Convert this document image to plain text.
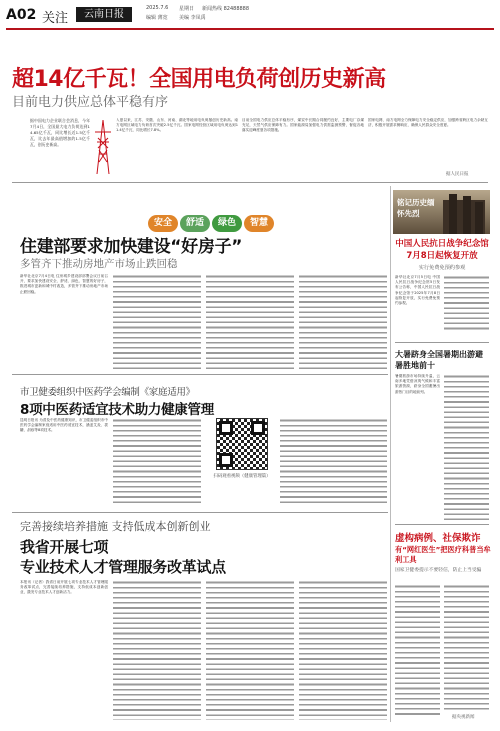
A02 关注	云南日报
2025.7.6 星期日 新闻热线 82488888
编辑 薄宽 美编 李凤禹
超14亿千瓦！全国用电负荷创历史新高
目前电力供应总体平稳有序
据中国电力企业联合会消息，今年7月4日，全国最大电力负荷达到14.65亿千瓦，同比增长近1.5亿千瓦，比去年最高值增加约1.5亿千瓦，创历史新高。
入夏以来，江苏、安徽、山东、河南、湖北等地用电负荷屡创历史新高。南方电网区域电力负荷首次突破2.5亿千瓦。国家电网经营区域用电负荷达到11.4亿千瓦，同比增长7.8%。
目前全国电力供应总体平稳有序，煤炭中长期合同履约良好，主要电厂存煤充足，天然气供应保障有力。国家能源局加强电力供需监测预警，督促各地落实迎峰度夏各项措施。
国家电网、南方电网全力保障电力安全稳定供应，加强跨省跨区电力余缺互济，积极开展需求侧响应，确保人民群众安全度夏。
据人民日报
安全	舒适	绿色	智慧
住建部要求加快建设“好房子”
多管齐下推动房地产市场止跌回稳
新华社北京7月4日电 住房城乡建设部部署会议日前召开，要求加快建设安全、舒适、绿色、智慧的好房子，推进城市更新和城中村改造，多管齐下推动房地产市场止跌回稳。
铭记历史缅怀先烈
中国人民抗日战争纪念馆7月8日起恢复开放
实行免费免预约参观
新华社北京7月5日电 中国人民抗日战争纪念馆5日发布公告称，中国人民抗日战争纪念馆于2025年7月8日起恢复开放，实行免费免预约参观。
大暑跻身全国暑期出游避暑胜地前十
暑期旅游市场持续升温，云南多地凭借凉爽气候和丰富旅游资源，跻身全国避暑出游热门目的地前列。
市卫健委组织中医药学会编制《家庭适用》
8项中医药适宜技术助力健康管理
昆明日报讯 为普及中医药健康知识，市卫健委组织市中医药学会编制家庭适用中医药适宜技术，涵盖艾灸、拔罐、刮痧等8项技术。
扫码观看视频（健康管理篇）
完善接续培养措施 支持低成本创新创业
我省开展七项
专业技术人才管理服务改革试点
本报讯（记者）我省日前开展七项专业技术人才管理服务改革试点，完善接续培养措施，支持低成本创新创业，激发专业技术人才创新活力。
虚构病例、社保欺诈
有“网红医生”把医疗科普当牟利工具
国家卫健委提示不要轻信，防止上当受骗
据央视新闻
